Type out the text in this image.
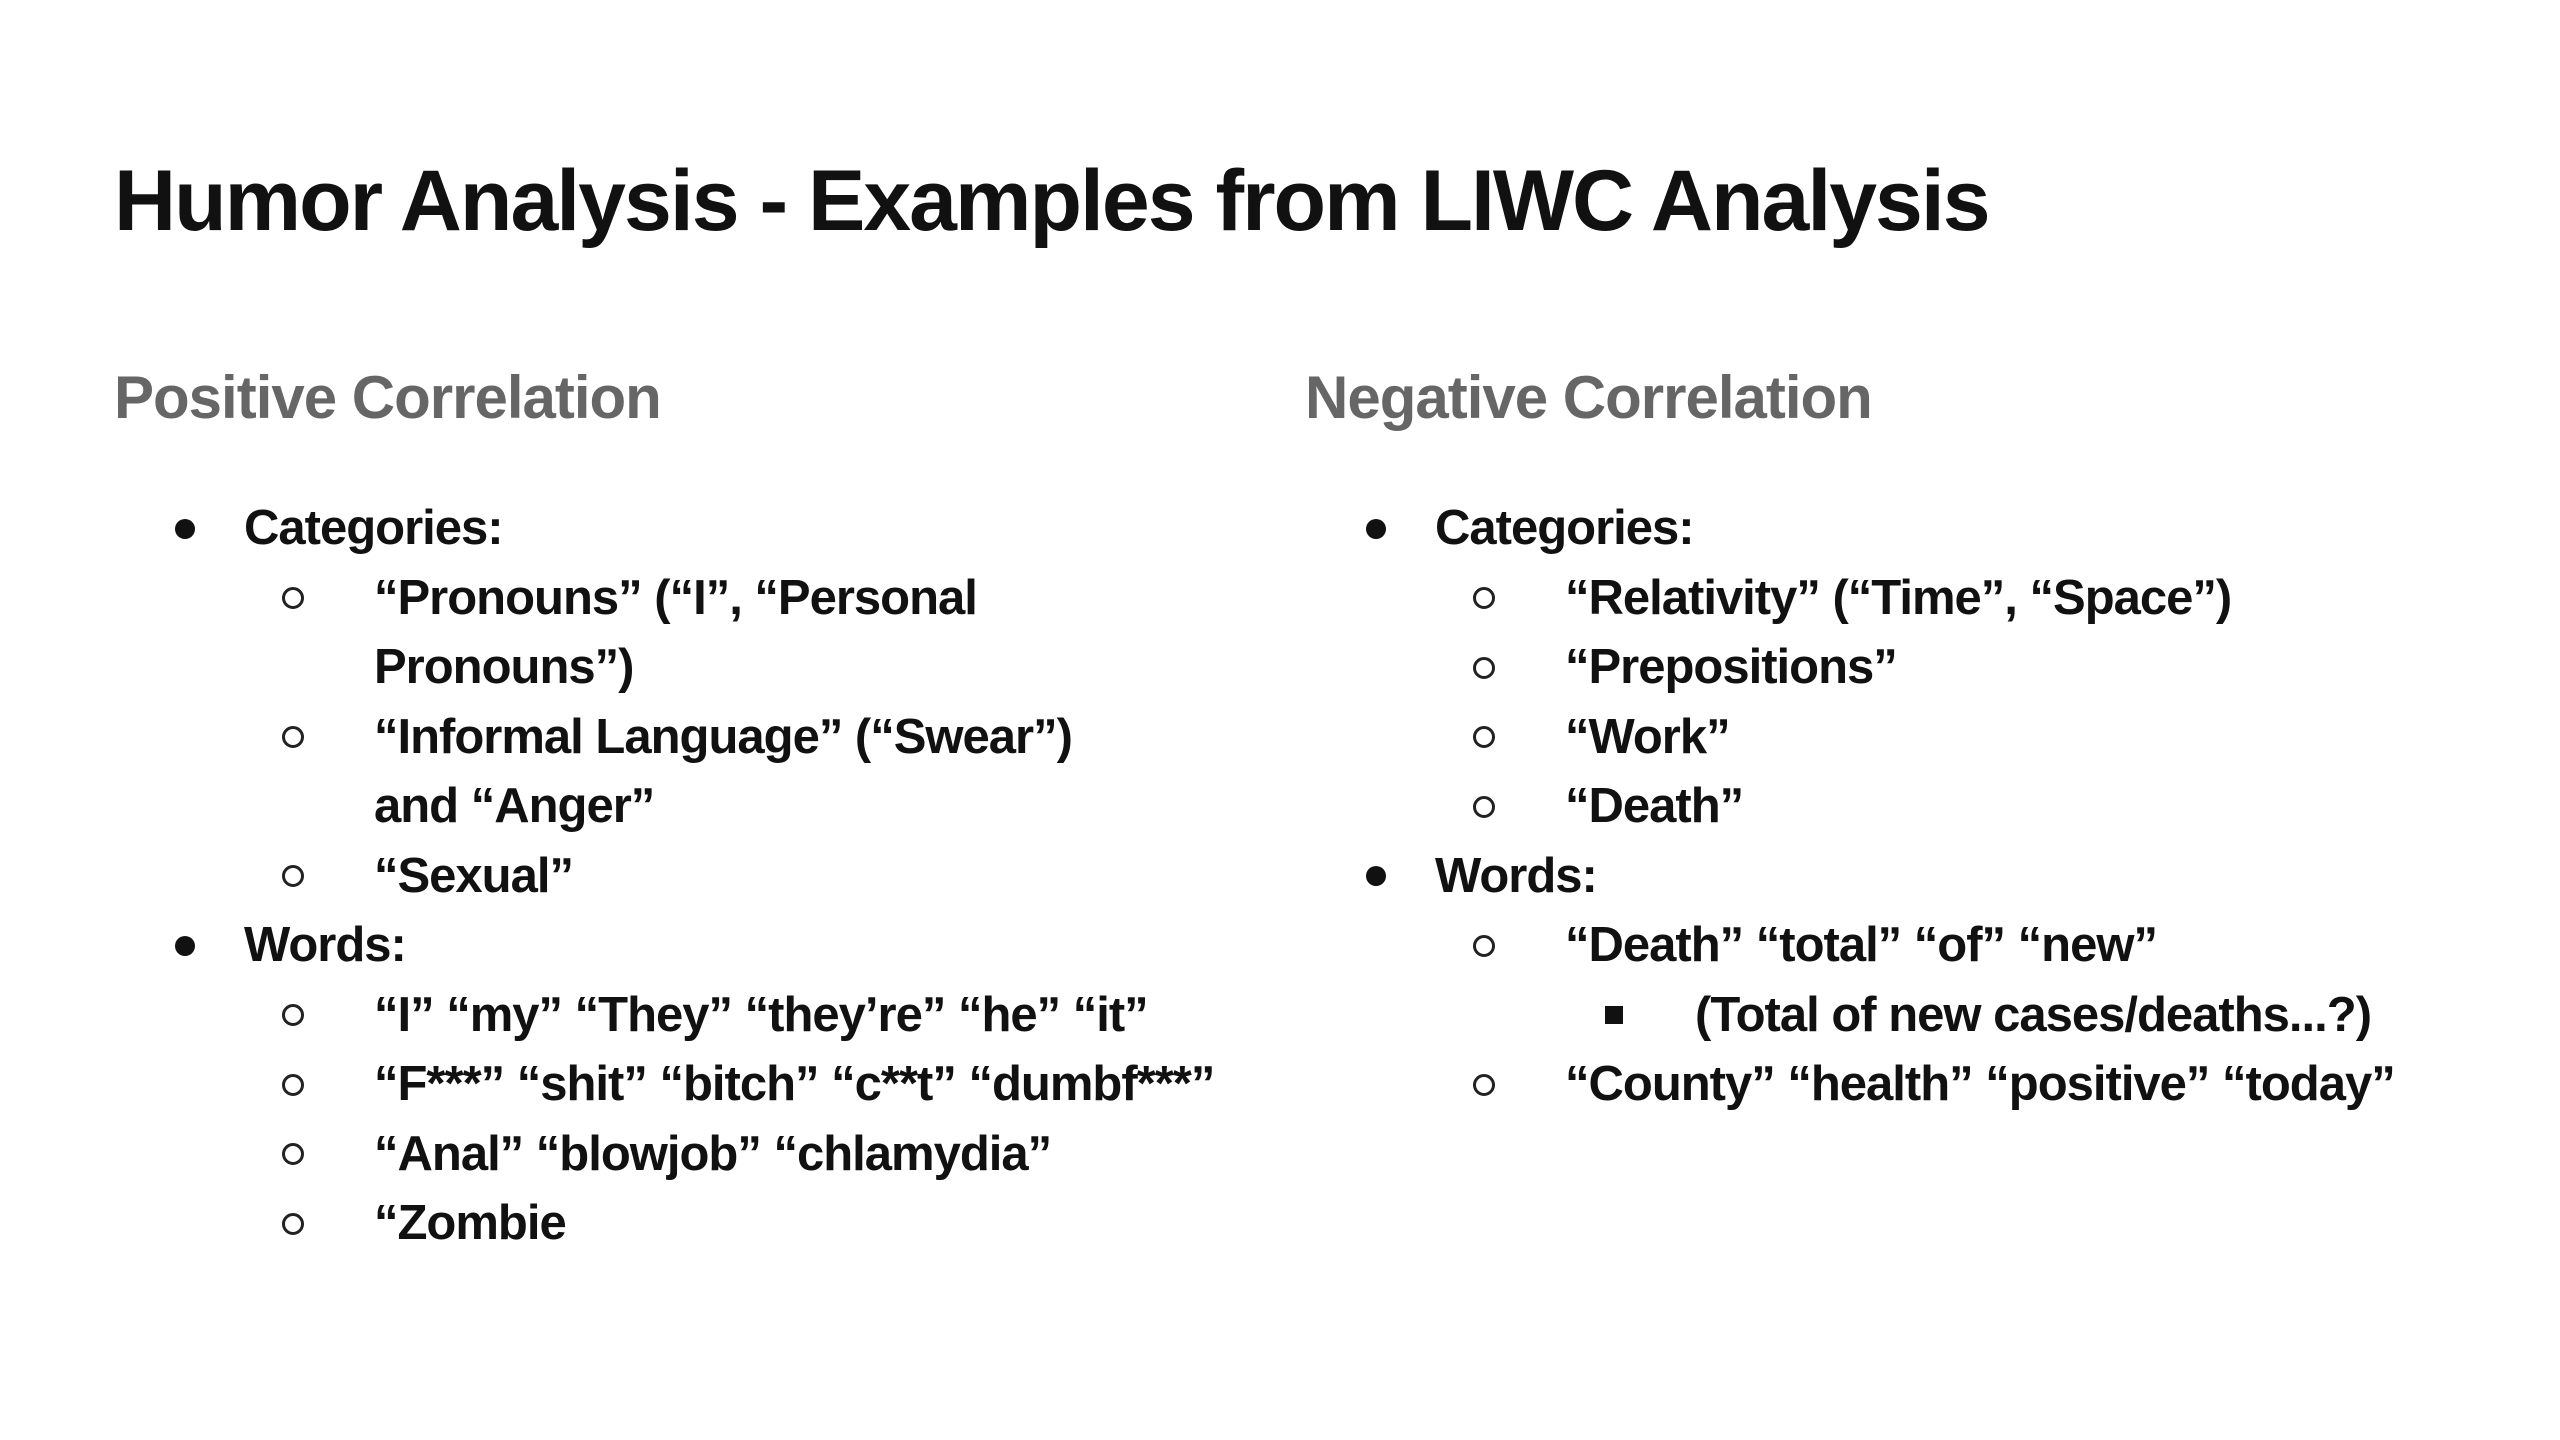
Humor Analysis - Examples from LIWC Analysis
Positive Correlation
Categories:
“Pronouns” (“I”, “Personal Pronouns”)
“Informal Language” (“Swear”) and “Anger”
“Sexual”
Words:
“I” “my” “They” “they’re” “he” “it”
“F***” “shit” “bitch” “c**t” “dumbf***”
“Anal” “blowjob” “chlamydia”
“Zombie
Negative Correlation
Categories:
“Relativity” (“Time”, “Space”)
“Prepositions”
“Work”
“Death”
Words:
“Death” “total” “of” “new”
(Total of new cases/deaths...?)
“County” “health” “positive” “today”
